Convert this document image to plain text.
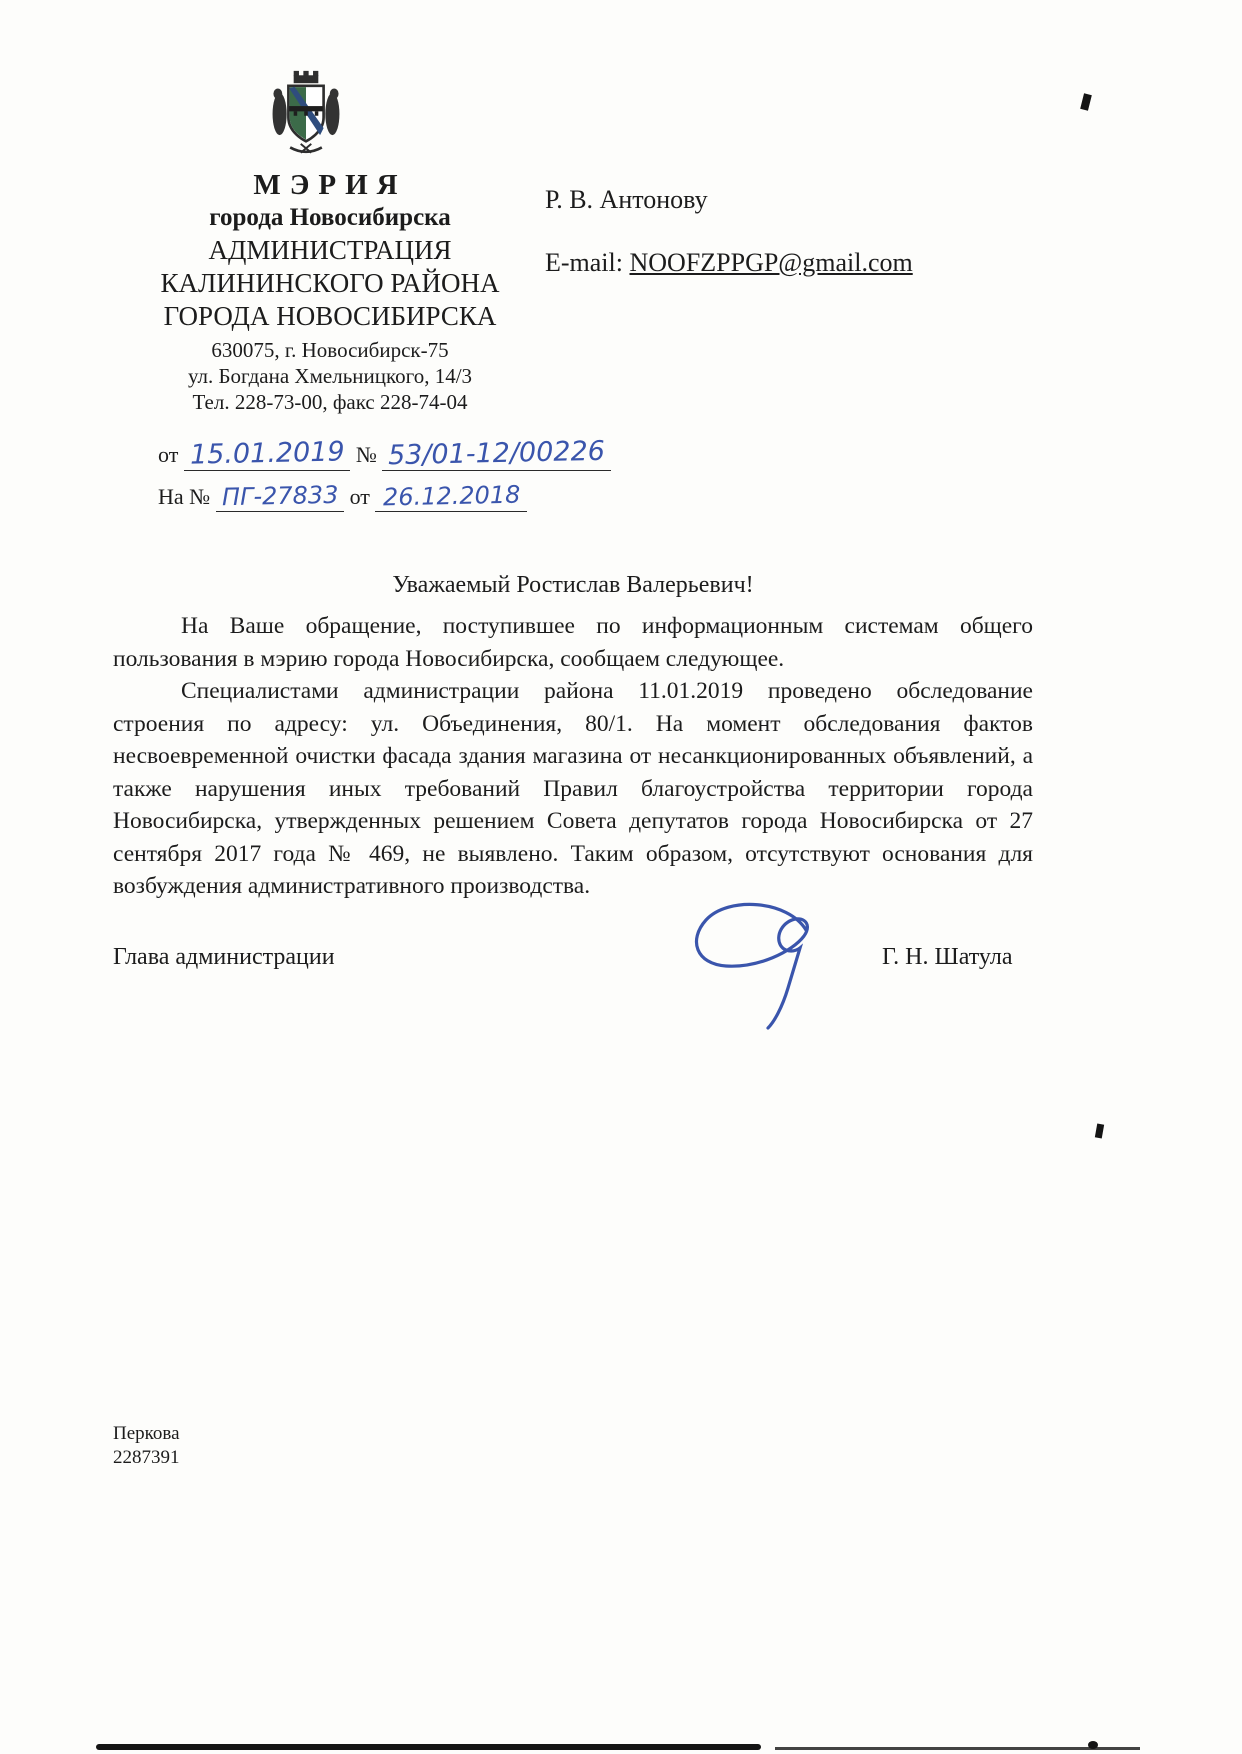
МЭРИЯ
города Новосибирска
АДМИНИСТРАЦИЯ
КАЛИНИНСКОГО РАЙОНА
ГОРОДА НОВОСИБИРСКА
630075, г. Новосибирск-75
ул. Богдана Хмельницкого, 14/3
Тел. 228-73-00, факс 228-74-04
от 15.01.2019 № 53/01-12/00226
На № ПГ-27833 от 26.12.2018
Р. В. Антонову
E-mail: NOOFZPPGP@gmail.com
Уважаемый Ростислав Валерьевич!

На Ваше обращение, поступившее по информационным системам общего пользования в мэрию города Новосибирска, сообщаем следующее.

Специалистами администрации района 11.01.2019 проведено обследование строения по адресу: ул. Объединения, 80/1. На момент обследования фактов несвоевременной очистки фасада здания магазина от несанкционированных объявлений, а также нарушения иных требований Правил благоустройства территории города Новосибирска, утвержденных решением Совета депутатов города Новосибирска от 27 сентября 2017 года № 469, не выявлено. Таким образом, отсутствуют основания для возбуждения административного производства.

Глава администрации	Г. Н. Шатула
Перкова
2287391
